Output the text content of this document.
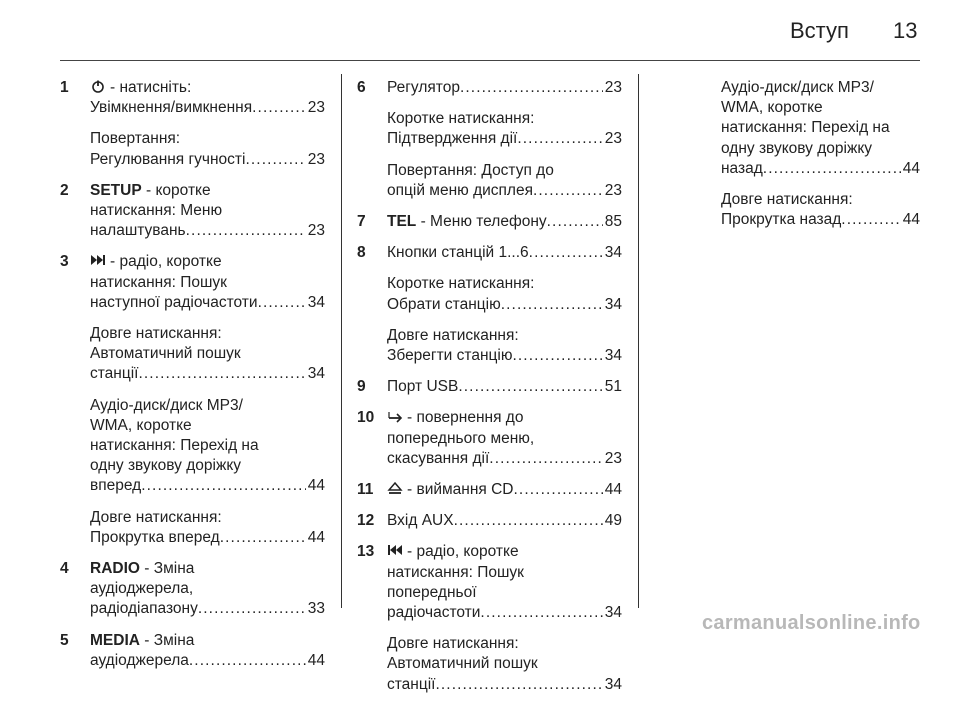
Вступ 13
1	- натисніть:
Увімкнення/вимкнення . . .	23
Повертання:
Регулювання гучності . . .	23
2 SETUP - коротке
натискання: Меню
налаштувань . . .	23
3	- радіо, коротке
натискання: Пошук
наступної радіочастоти . . .	34
Довге натискання:
Автоматичний пошук
станції . . .	34
Аудіо-диск/диск MP3/
WMA, коротке
натискання: Перехід на
одну звукову доріжку
вперед . . .	44
Довге натискання:
Прокрутка вперед . . .	44
4 RADIO - Зміна
аудіоджерела,
радіодіапазону . . .	33
5 MEDIA - Зміна
аудіоджерела . . .	44
6 Регулятор . . .	23
Коротке натискання:
Підтвердження дії . . .	23
Повертання: Доступ до
опцій меню дисплея . . .	23
7 TEL - Меню телефону . . .	85
8 Кнопки станцій 1...6 . . .	34
Коротке натискання:
Обрати станцію . . .	34
Довге натискання:
Зберегти станцію . . .	34
9 Порт USB . . .	51
10	- повернення до
попереднього меню,
скасування дії . . .	23
11	- виймання CD . . .	44
12 Вхід AUX . . .	49
13	- радіо, коротке
натискання: Пошук
попередньої
радіочастоти . . .	34
Довге натискання:
Автоматичний пошук
станції . . .	34
Аудіо-диск/диск MP3/
WMA, коротке
натискання: Перехід на
одну звукову доріжку
назад . . .	44
Довге натискання:
Прокрутка назад . . .	44
carmanualsonline.info
